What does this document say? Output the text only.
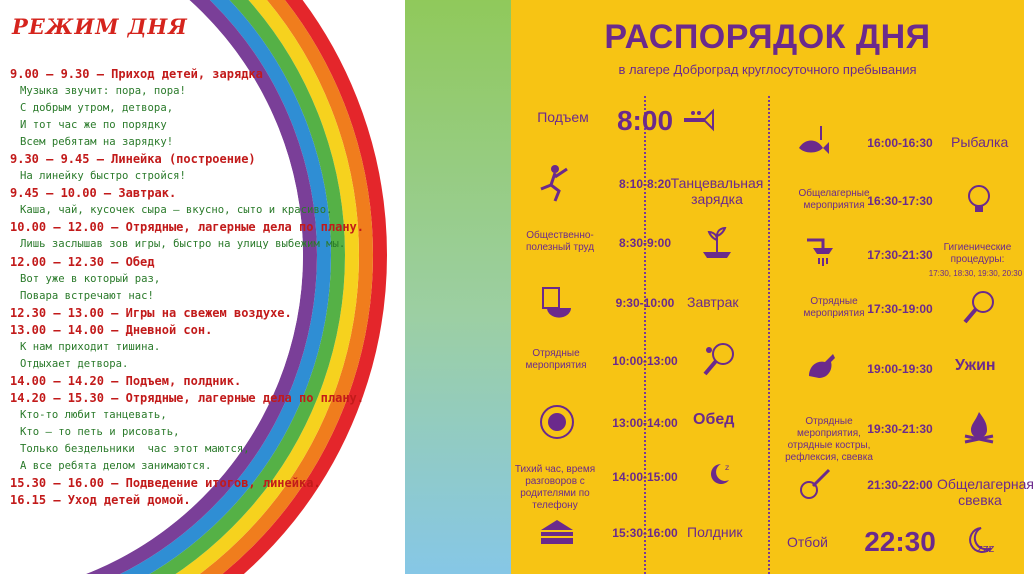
РЕЖИМ ДНЯ
9.00 – 9.30 – Приход детей, зарядка
Музыка звучит: пора, пора!
С добрым утром, детвора,
И тот час же по порядку
Всем ребятам на зарядку!
9.30 – 9.45 – Линейка (построение)
На линейку быстро стройся!
9.45 – 10.00 – Завтрак.
Каша, чай, кусочек сыра – вкусно, сыто и красиво.
10.00 – 12.00 – Отрядные, лагерные дела по плану.
Лишь заслышав зов игры, быстро на улицу выбежим мы.
12.00 – 12.30 – Обед
Вот уже в который раз,
Повара встречают нас!
12.30 – 13.00 – Игры на свежем воздухе.
13.00 – 14.00 – Дневной сон.
К нам приходит тишина.
Отдыхает детвора.
14.00 – 14.20 – Подъем, полдник.
14.20 – 15.30 – Отрядные, лагерные дела по плану.
Кто-то любит танцевать,
Кто – то петь и рисовать,
Только бездельники  час этот маются,
А все ребята делом занимаются.
15.30 – 16.00 – Подведение итогов, линейка.
16.15 – Уход детей домой.
РАСПОРЯДОК ДНЯ
в лагере Доброград круглосуточного пребывания
8:00
Подъем
8:10-8:20 Танцевальная зарядка
8:30-9:00
Общественно-полезный труд
9:30-10:00 Завтрак
10:00-13:00
Отрядные мероприятия
13:00-14:00 Обед
14:00-15:00
Тихий час, время разговоров с родителями по телефону
z
15:30-16:00 Полдник
16:00-16:30	Рыбалка
16:30-17:30
Общелагерные мероприятия
17:30-21:30
Гигиенические процедуры:
17:30, 18:30, 19:30, 20:30
17:30-19:00
Отрядные мероприятия
19:00-19:30	Ужин
19:30-21:30
Отрядные мероприятия, отрядные костры, рефлексия, свевка
21:30-22:00 Общелагерная свевка
22:30
Отбой	zzz
